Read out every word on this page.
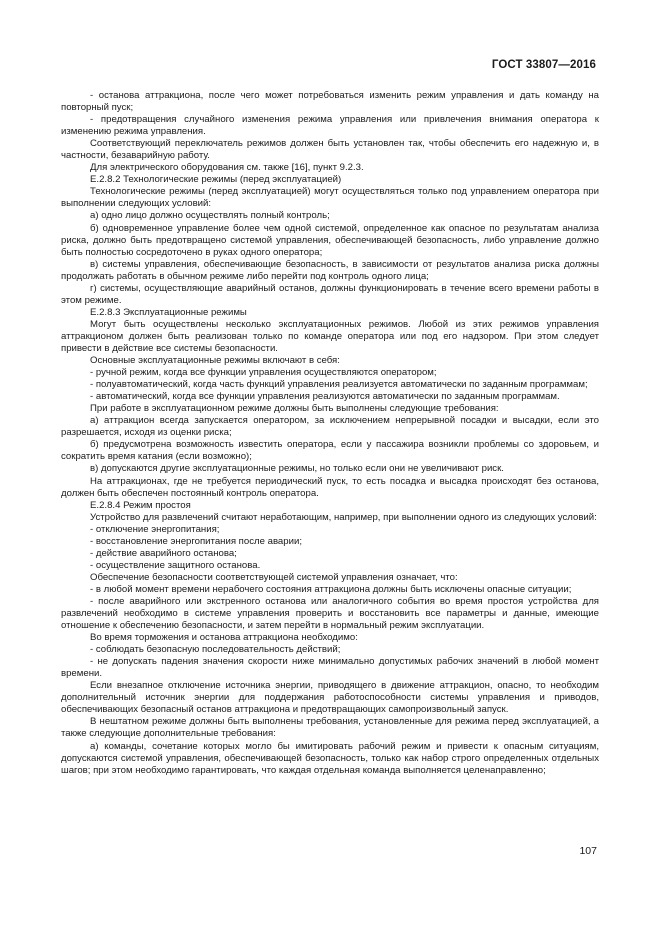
ГОСТ 33807—2016

- останова аттракциона, после чего может потребоваться изменить режим управления и дать команду на повторный пуск;

- предотвращения случайного изменения режима управления или привлечения внимания оператора к изменению режима управления.

Соответствующий переключатель режимов должен быть установлен так, чтобы обеспечить его надежную и, в частности, безаварийную работу.

Для электрического оборудования см. также [16], пункт 9.2.3.

Е.2.8.2 Технологические режимы (перед эксплуатацией)

Технологические режимы (перед эксплуатацией) могут осуществляться только под управлением оператора при выполнении следующих условий:

а) одно лицо должно осуществлять полный контроль;

б) одновременное управление более чем одной системой, определенное как опасное по результатам анализа риска, должно быть предотвращено системой управления, обеспечивающей безопасность, либо управление должно быть полностью сосредоточено в руках одного оператора;

в) системы управления, обеспечивающие безопасность, в зависимости от результатов анализа риска должны продолжать работать в обычном режиме либо перейти под контроль одного лица;

г) системы, осуществляющие аварийный останов, должны функционировать в течение всего времени работы в этом режиме.

Е.2.8.3 Эксплуатационные режимы

Могут быть осуществлены несколько эксплуатационных режимов. Любой из этих режимов управления аттракционом должен быть реализован только по команде оператора или под его надзором. При этом следует привести в действие все системы безопасности.

Основные эксплуатационные режимы включают в себя:

- ручной режим, когда все функции управления осуществляются оператором;

- полуавтоматический, когда часть функций управления реализуется автоматически по заданным программам;

- автоматический, когда все функции управления реализуются автоматически по заданным программам.

При работе в эксплуатационном режиме должны быть выполнены следующие требования:

а) аттракцион всегда запускается оператором, за исключением непрерывной посадки и высадки, если это разрешается, исходя из оценки риска;

б) предусмотрена возможность известить оператора, если у пассажира возникли проблемы со здоровьем, и сократить время катания (если возможно);

в) допускаются другие эксплуатационные режимы, но только если они не увеличивают риск.

На аттракционах, где не требуется периодический пуск, то есть посадка и высадка происходят без останова, должен быть обеспечен постоянный контроль оператора.

Е.2.8.4 Режим простоя

Устройство для развлечений считают неработающим, например, при выполнении одного из следующих условий:

- отключение энергопитания;

- восстановление энергопитания после аварии;

- действие аварийного останова;

- осуществление защитного останова.

Обеспечение безопасности соответствующей системой управления означает, что:

- в любой момент времени нерабочего состояния аттракциона должны быть исключены опасные ситуации;

- после аварийного или экстренного останова или аналогичного события во время простоя устройства для развлечений необходимо в системе управления проверить и восстановить все параметры и данные, имеющие отношение к обеспечению безопасности, и затем перейти в нормальный режим эксплуатации.

Во время торможения и останова аттракциона необходимо:

- соблюдать безопасную последовательность действий;

- не допускать падения значения скорости ниже минимально допустимых рабочих значений в любой момент времени.

Если внезапное отключение источника энергии, приводящего в движение аттракцион, опасно, то необходим дополнительный источник энергии для поддержания работоспособности системы управления и приводов, обеспечивающих безопасный останов аттракциона и предотвращающих самопроизвольный запуск.

В нештатном режиме должны быть выполнены требования, установленные для режима перед эксплуатацией, а также следующие дополнительные требования:

а) команды, сочетание которых могло бы имитировать рабочий режим и привести к опасным ситуациям, допускаются системой управления, обеспечивающей безопасность, только как набор строго определенных отдельных шагов; при этом необходимо гарантировать, что каждая отдельная команда выполняется целенаправленно;

107
